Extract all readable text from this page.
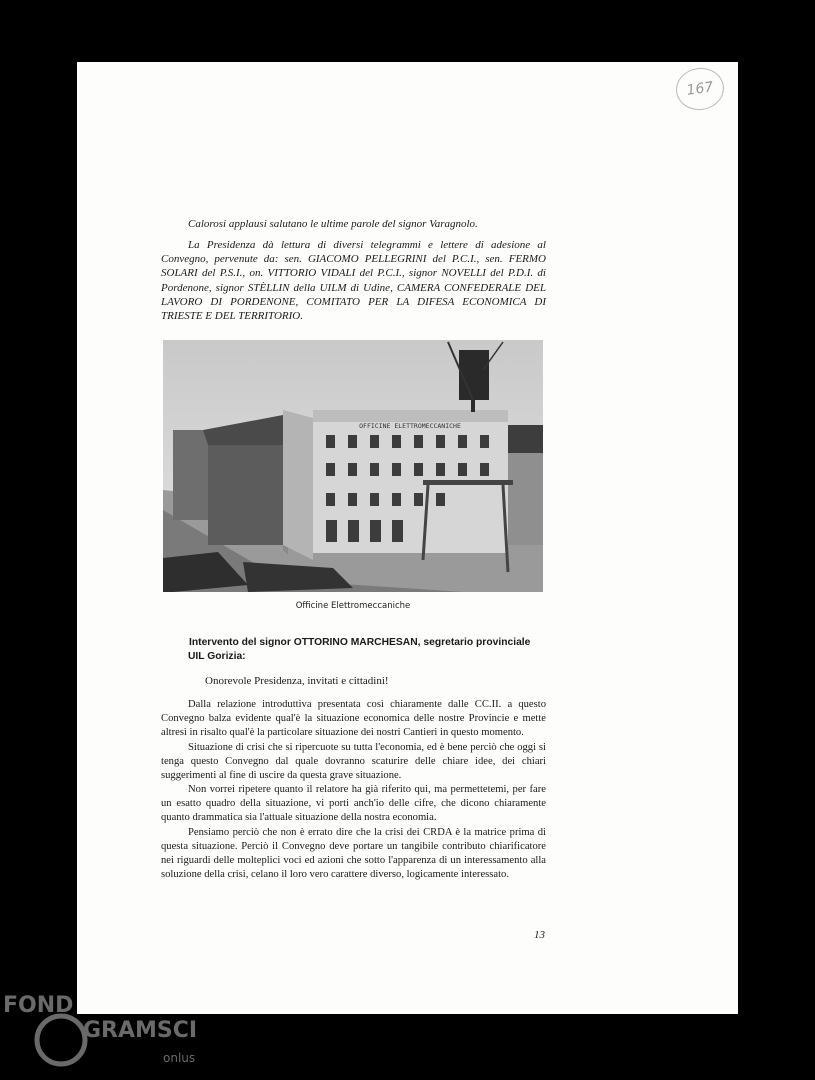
167
Calorosi applausi salutano le ultime parole del signor Varagnolo.
La Presidenza dà lettura di diversi telegrammi e lettere di adesione al Convegno, pervenute da: sen. GIACOMO PELLEGRINI del P.C.I., sen. FERMO SOLARI del P.S.I., on. VITTORIO VIDALI del P.C.I., signor NOVELLI del P.D.I. di Pordenone, signor STÈLLIN della UILM di Udine, CAMERA CONFEDERALE DEL LAVORO DI PORDENONE, COMITATO PER LA DIFESA ECONOMICA DI TRIESTE E DEL TERRITORIO.
OFFICINE ELETTROMECCANICHE
Officine Elettromeccaniche
Intervento del signor OTTORINO MARCHESAN, segretario provinciale
UIL Gorizia:
Onorevole Presidenza, invitati e cittadini!

Dalla relazione introduttiva presentata così chiaramente dalle CC.II. a questo Convegno balza evidente qual'è la situazione economica delle nostre Provincie e mette altresì in risalto qual'è la particolare situazione dei nostri Cantieri in questo momento.

Situazione di crisi che si ripercuote su tutta l'economia, ed è bene perciò che oggi si tenga questo Convegno dal quale dovranno scaturire delle chiare idee, dei chiari suggerimenti al fine di uscire da questa grave situazione.

Non vorrei ripetere quanto il relatore ha già riferito qui, ma permettetemi, per fare un esatto quadro della situazione, vi porti anch'io delle cifre, che dicono chiaramente quanto drammatica sia l'attuale situazione della nostra economia.

Pensiamo perciò che non è errato dire che la crisi dei CRDA è la matrice prima di questa situazione. Perciò il Convegno deve portare un tangibile contributo chiarificatore nei riguardi delle molteplici voci ed azioni che sotto l'apparenza di un interessamento alla soluzione della crisi, celano il loro vero carattere diverso, logicamente interessato.

13
FOND
GRAMSCI
onlus
